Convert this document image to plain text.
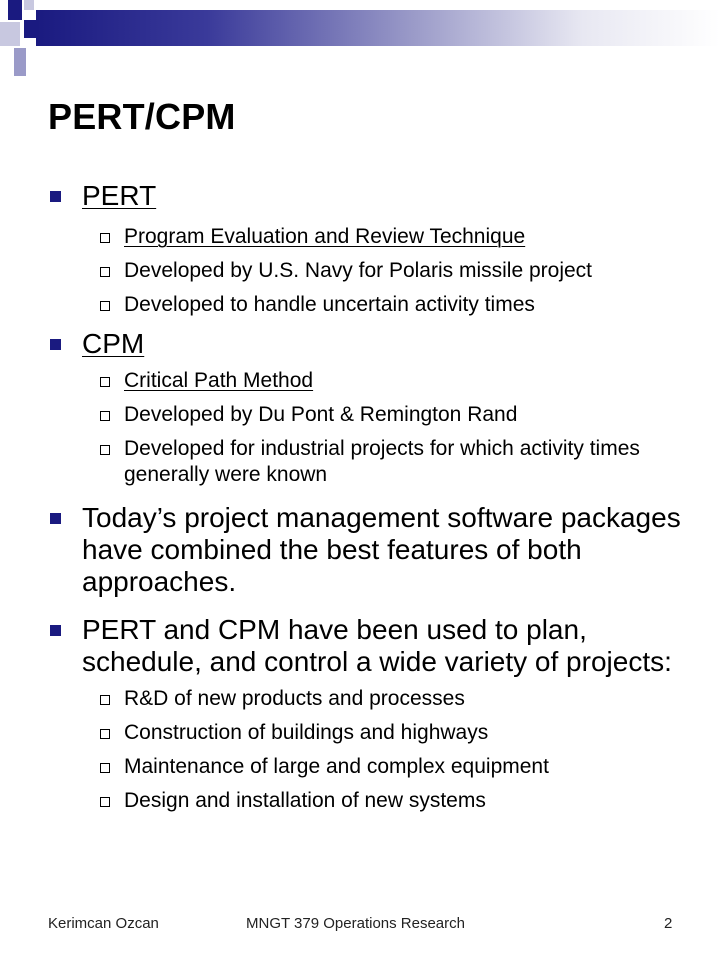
PERT/CPM
PERT
Program Evaluation and Review Technique
Developed by U.S. Navy for Polaris missile project
Developed to handle uncertain activity times
CPM
Critical Path Method
Developed by Du Pont & Remington Rand
Developed for industrial projects for which activity times generally were known
Today’s project management software packages have combined the best features of both approaches.
PERT and CPM have been used to plan, schedule, and control a wide variety of projects:
R&D of new products and processes
Construction of buildings and highways
Maintenance of large and complex equipment
Design and installation of new systems
Kerimcan Ozcan	MNGT 379 Operations Research	2
